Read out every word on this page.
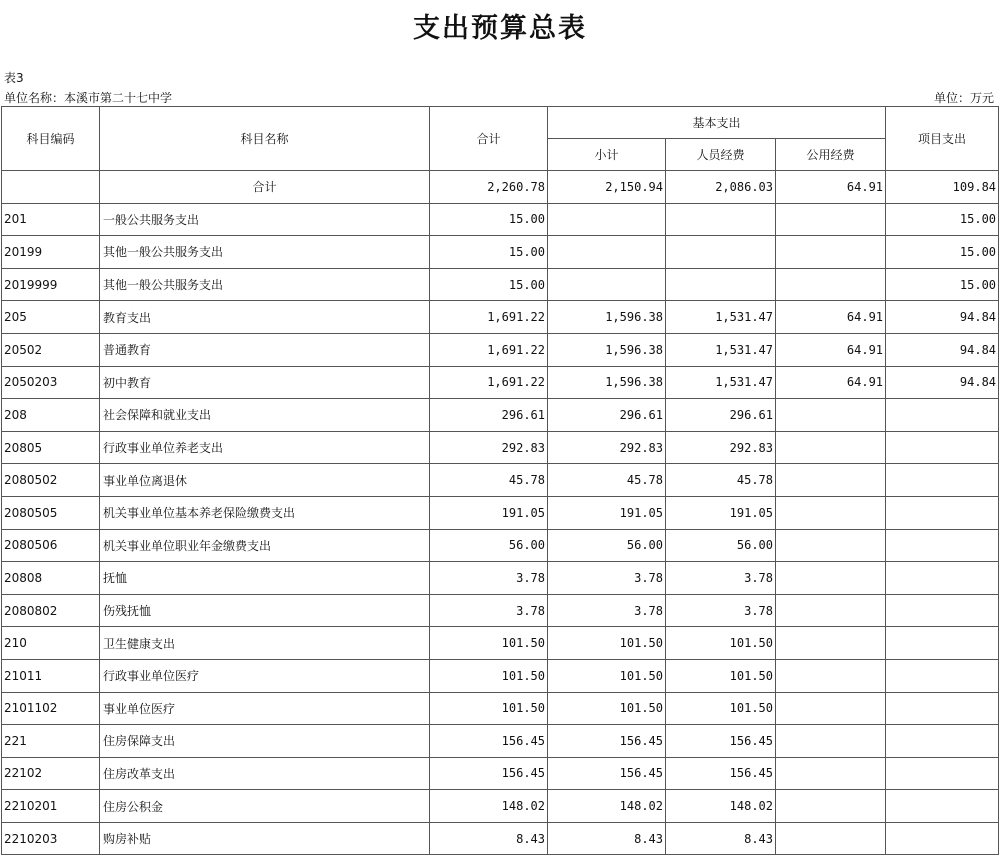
支出预算总表
表3
单位名称：本溪市第二十七中学	单位：万元
科目编码	科目名称	合计	基本支出			项目支出
			小计	人员经费	公用经费	
	合计	2,260.78	2,150.94	2,086.03	64.91	109.84
201	一般公共服务支出	15.00				15.00
20199	其他一般公共服务支出	15.00				15.00
2019999	其他一般公共服务支出	15.00				15.00
205	教育支出	1,691.22	1,596.38	1,531.47	64.91	94.84
20502	普通教育	1,691.22	1,596.38	1,531.47	64.91	94.84
2050203	初中教育	1,691.22	1,596.38	1,531.47	64.91	94.84
208	社会保障和就业支出	296.61	296.61	296.61		
20805	行政事业单位养老支出	292.83	292.83	292.83		
2080502	事业单位离退休	45.78	45.78	45.78		
2080505	机关事业单位基本养老保险缴费支出	191.05	191.05	191.05		
2080506	机关事业单位职业年金缴费支出	56.00	56.00	56.00		
20808	抚恤	3.78	3.78	3.78		
2080802	伤残抚恤	3.78	3.78	3.78		
210	卫生健康支出	101.50	101.50	101.50		
21011	行政事业单位医疗	101.50	101.50	101.50		
2101102	事业单位医疗	101.50	101.50	101.50		
221	住房保障支出	156.45	156.45	156.45		
22102	住房改革支出	156.45	156.45	156.45		
2210201	住房公积金	148.02	148.02	148.02		
2210203	购房补贴	8.43	8.43	8.43		
